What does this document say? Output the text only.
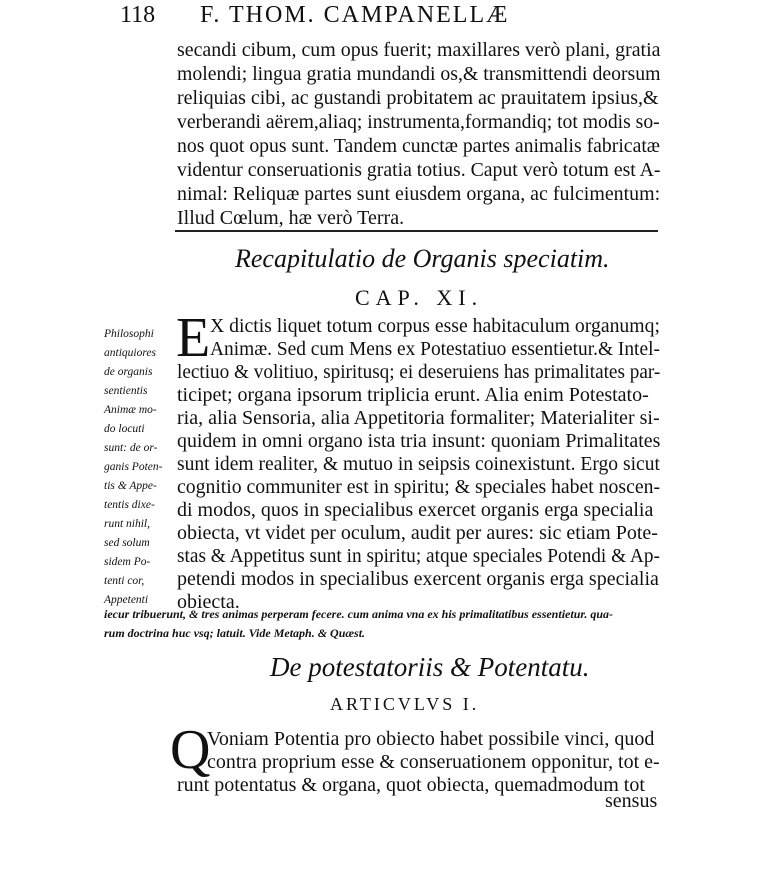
118 F. THOM. CAMPANELLÆ
secandi cibum, cum opus fuerit; maxillares verò plani, gratia
molendi; lingua gratia mundandi os,& transmittendi deorsum
reliquias cibi, ac gustandi probitatem ac prauitatem ipsius,&
verberandi aërem,aliaq; instrumenta,formandiq; tot modis so-
nos quot opus sunt. Tandem cunctæ partes animalis fabricatæ
videntur conseruationis gratia totius. Caput verò totum est A-
nimal: Reliquæ partes sunt eiusdem organa, ac fulcimentum:
Illud Cœlum, hæ verò Terra.
Recapitulatio de Organis speciatim.
CAP. XI.
E X dictis liquet totum corpus esse habitaculum organumq;
Animæ. Sed cum Mens ex Potestatiuo essentietur.& Intel-
lectiuo & volitiuo, spiritusq; ei deseruiens has primalitates par-
ticipet; organa ipsorum triplicia erunt. Alia enim Potestato-
ria, alia Sensoria, alia Appetitoria formaliter; Materialiter si-
quidem in omni organo ista tria insunt: quoniam Primalitates
sunt idem realiter, & mutuo in seipsis coinexistunt. Ergo sicut
cognitio communiter est in spiritu; & speciales habet noscen-
di modos, quos in specialibus exercet organis erga specialia
obiecta, vt videt per oculum, audit per aures: sic etiam Pote-
stas & Appetitus sunt in spiritu; atque speciales Potendi & Ap-
petendi modos in specialibus exercent organis erga specialia
obiecta.
Philosophi
antiquiores
de organis
sentientis
Animæ mo-
do locuti
sunt: de or-
ganis Poten-
tis & Appe-
tentis dixe-
runt nihil,
sed solum
sidem Po-
tenti cor,
Appetenti
iecur tribuerunt, & tres animas perperam fecere. cum anima vna ex his primalitatibus essentietur. qua-
rum doctrina huc vsq; latuit. Vide Metaph. & Quæst.
De potestatoriis & Potentatu.
ARTICVLVS I.
Q
Voniam Potentia pro obiecto habet possibile vinci, quod
contra proprium esse & conseruationem opponitur, tot e-
runt potentatus & organa, quot obiecta, quemadmodum tot
sensus
